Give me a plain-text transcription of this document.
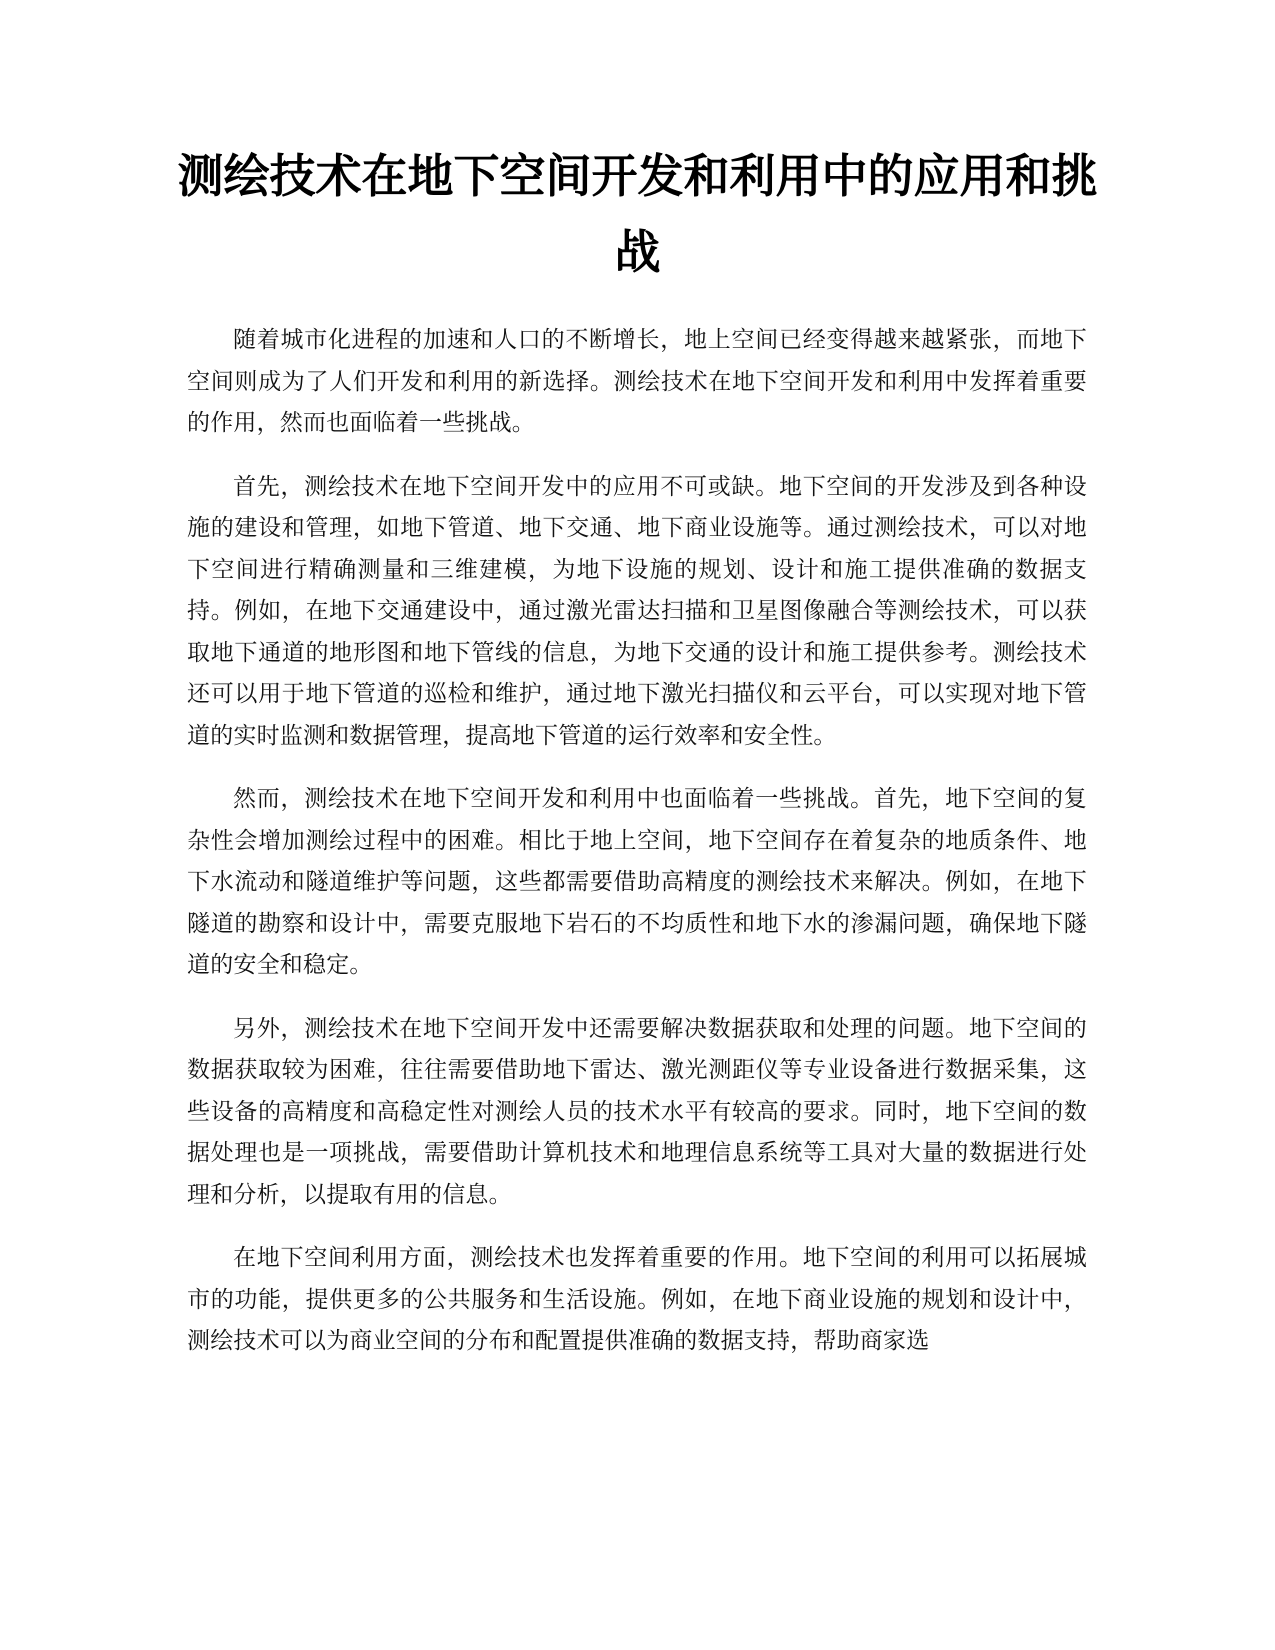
测绘技术在地下空间开发和利用中的应用和挑战

随着城市化进程的加速和人口的不断增长，地上空间已经变得越来越紧张，而地下空间则成为了人们开发和利用的新选择。测绘技术在地下空间开发和利用中发挥着重要的作用，然而也面临着一些挑战。

首先，测绘技术在地下空间开发中的应用不可或缺。地下空间的开发涉及到各种设施的建设和管理，如地下管道、地下交通、地下商业设施等。通过测绘技术，可以对地下空间进行精确测量和三维建模，为地下设施的规划、设计和施工提供准确的数据支持。例如，在地下交通建设中，通过激光雷达扫描和卫星图像融合等测绘技术，可以获取地下通道的地形图和地下管线的信息，为地下交通的设计和施工提供参考。测绘技术还可以用于地下管道的巡检和维护，通过地下激光扫描仪和云平台，可以实现对地下管道的实时监测和数据管理，提高地下管道的运行效率和安全性。

然而，测绘技术在地下空间开发和利用中也面临着一些挑战。首先，地下空间的复杂性会增加测绘过程中的困难。相比于地上空间，地下空间存在着复杂的地质条件、地下水流动和隧道维护等问题，这些都需要借助高精度的测绘技术来解决。例如，在地下隧道的勘察和设计中，需要克服地下岩石的不均质性和地下水的渗漏问题，确保地下隧道的安全和稳定。

另外，测绘技术在地下空间开发中还需要解决数据获取和处理的问题。地下空间的数据获取较为困难，往往需要借助地下雷达、激光测距仪等专业设备进行数据采集，这些设备的高精度和高稳定性对测绘人员的技术水平有较高的要求。同时，地下空间的数据处理也是一项挑战，需要借助计算机技术和地理信息系统等工具对大量的数据进行处理和分析，以提取有用的信息。

在地下空间利用方面，测绘技术也发挥着重要的作用。地下空间的利用可以拓展城市的功能，提供更多的公共服务和生活设施。例如，在地下商业设施的规划和设计中，测绘技术可以为商业空间的分布和配置提供准确的数据支持，帮助商家选
